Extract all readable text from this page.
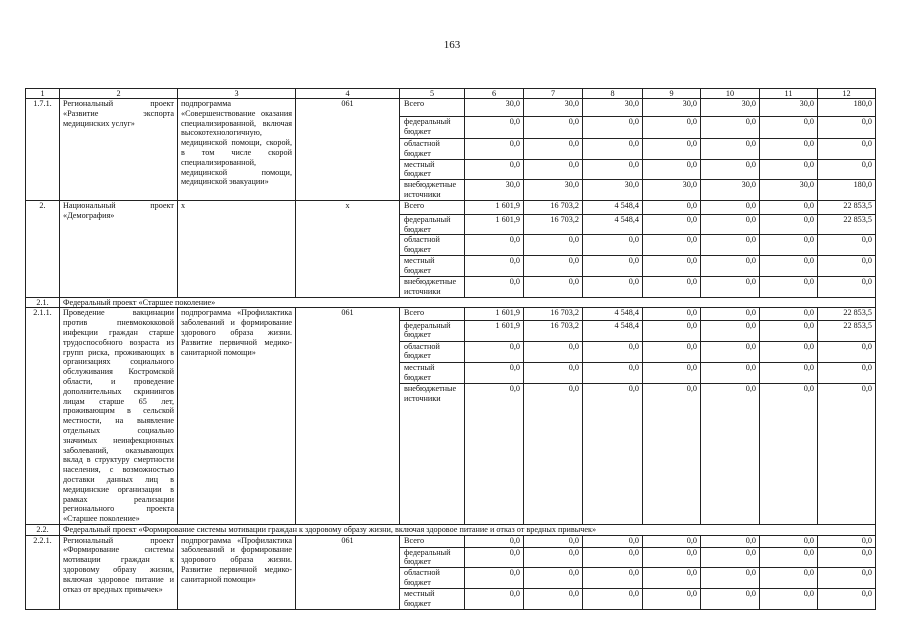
163
1	2	3	4	5	6	7	8	9	10	11	12
1.7.1.	Региональный проект «Развитие экспорта медицинских услуг»	подпрограмма «Совершенствование оказания специализированной, включая высокотехнологичную, медицинской помощи, скорой, в том числе скорой специализированной, медицинской помощи, медицинской эвакуации»	061	Всего	30,0	30,0	30,0	30,0	30,0	30,0	180,0
				федеральный бюджет	0,0	0,0	0,0	0,0	0,0	0,0	0,0
				областной бюджет	0,0	0,0	0,0	0,0	0,0	0,0	0,0
				местный бюджет	0,0	0,0	0,0	0,0	0,0	0,0	0,0
				внебюджетные источники	30,0	30,0	30,0	30,0	30,0	30,0	180,0
2.	Национальный проект «Демография»	х	х	Всего	1 601,9	16 703,2	4 548,4	0,0	0,0	0,0	22 853,5
				федеральный бюджет	1 601,9	16 703,2	4 548,4	0,0	0,0	0,0	22 853,5
				областной бюджет	0,0	0,0	0,0	0,0	0,0	0,0	0,0
				местный бюджет	0,0	0,0	0,0	0,0	0,0	0,0	0,0
				внебюджетные источники	0,0	0,0	0,0	0,0	0,0	0,0	0,0
2.1.	Федеральный проект «Старшее поколение»										
2.1.1.	Проведение вакцинации против пневмококковой инфекции граждан старше трудоспособного возраста из групп риска, проживающих в организациях социального обслуживания Костромской области, и проведение дополнительных скринингов лицам старше 65 лет, проживающим в сельской местности, на выявление отдельных социально значимых неинфекционных заболеваний, оказывающих вклад в структуру смертности населения, с возможностью доставки данных лиц в медицинские организации в рамках реализации регионального проекта «Старшее поколение»	подпрограмма «Профилактика заболеваний и формирование здорового образа жизни. Развитие первичной медико-санитарной помощи»	061	Всего	1 601,9	16 703,2	4 548,4	0,0	0,0	0,0	22 853,5
				федеральный бюджет	1 601,9	16 703,2	4 548,4	0,0	0,0	0,0	22 853,5
				областной бюджет	0,0	0,0	0,0	0,0	0,0	0,0	0,0
				местный бюджет	0,0	0,0	0,0	0,0	0,0	0,0	0,0
				внебюджетные источники	0,0	0,0	0,0	0,0	0,0	0,0	0,0
2.2.	Федеральный проект «Формирование системы мотивации граждан к здоровому образу жизни, включая здоровое питание и отказ от вредных привычек»										
2.2.1.	Региональный проект «Формирование системы мотивации граждан к здоровому образу жизни, включая здоровое питание и отказ от вредных привычек»	подпрограмма «Профилактика заболеваний и формирование здорового образа жизни. Развитие первичной медико-санитарной помощи»	061	Всего	0,0	0,0	0,0	0,0	0,0	0,0	0,0
				федеральный бюджет	0,0	0,0	0,0	0,0	0,0	0,0	0,0
				областной бюджет	0,0	0,0	0,0	0,0	0,0	0,0	0,0
				местный бюджет	0,0	0,0	0,0	0,0	0,0	0,0	0,0
